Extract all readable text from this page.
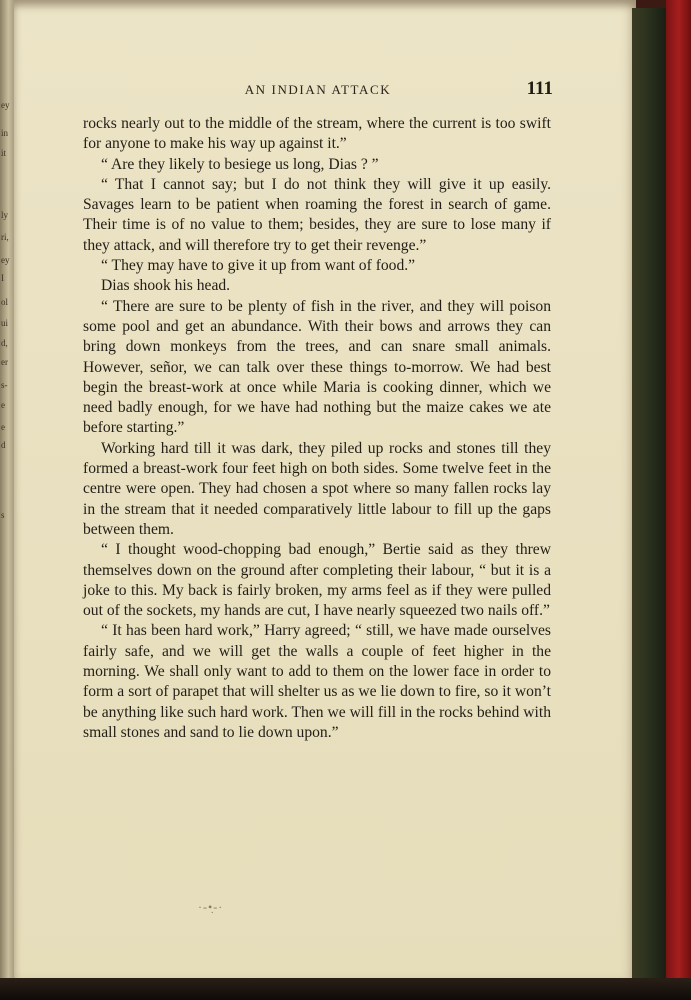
ey
in
it
ly
ri,
ey
I
ol
ui
d,
er
s-
e
e
d
s
AN INDIAN ATTACK	111

rocks nearly out to the middle of the stream, where the current is too swift for anyone to make his way up against it.”

“ Are they likely to besiege us long, Dias ? ”

“ That I cannot say; but I do not think they will give it up easily. Savages learn to be patient when roaming the forest in search of game. Their time is of no value to them; besides, they are sure to lose many if they attack, and will therefore try to get their revenge.”

“ They may have to give it up from want of food.”

Dias shook his head.

“ There are sure to be plenty of fish in the river, and they will poison some pool and get an abundance. With their bows and arrows they can bring down monkeys from the trees, and can snare small animals. However, señor, we can talk over these things to-morrow. We had best begin the breast-work at once while Maria is cooking dinner, which we need badly enough, for we have had nothing but the maize cakes we ate before starting.”

Working hard till it was dark, they piled up rocks and stones till they formed a breast-work four feet high on both sides. Some twelve feet in the centre were open. They had chosen a spot where so many fallen rocks lay in the stream that it needed comparatively little labour to fill up the gaps between them.

“ I thought wood-chopping bad enough,” Bertie said as they threw themselves down on the ground after completing their labour, “ but it is a joke to this. My back is fairly broken, my arms feel as if they were pulled out of the sockets, my hands are cut, I have nearly squeezed two nails off.”

“ It has been hard work,” Harry agreed; “ still, we have made ourselves fairly safe, and we will get the walls a couple of feet higher in the morning. We shall only want to add to them on the lower face in order to form a sort of parapet that will shelter us as we lie down to fire, so it won’t be anything like such hard work. Then we will fill in the rocks behind with small stones and sand to lie down upon.”

·-•̣-·
